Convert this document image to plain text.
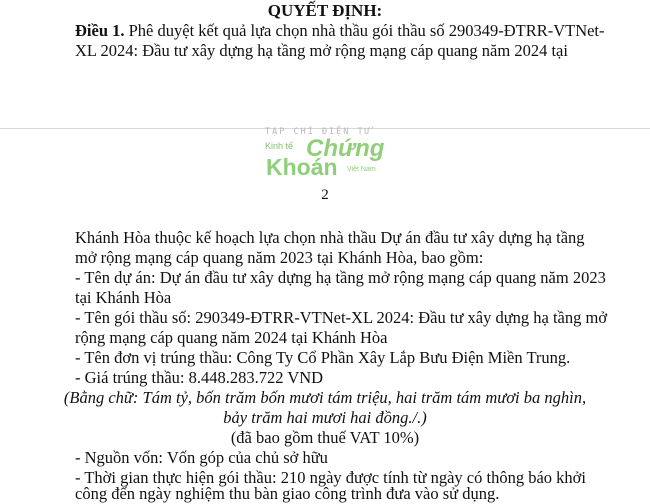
QUYẾT ĐỊNH:
Điều 1. Phê duyệt kết quả lựa chọn nhà thầu gói thầu số 290349-ĐTRR-VTNet-
XL 2024: Đầu tư xây dựng hạ tầng mở rộng mạng cáp quang năm 2024 tại
TẠP CHÍ ĐIỆN TỬ
Kinh tế Chứng
Khoán Việt Nam
2
Khánh Hòa thuộc kế hoạch lựa chọn nhà thầu Dự án đầu tư xây dựng hạ tầng
mở rộng mạng cáp quang năm 2023 tại Khánh Hòa, bao gồm:
- Tên dự án: Dự án đầu tư xây dựng hạ tầng mở rộng mạng cáp quang năm 2023
tại Khánh Hòa
- Tên gói thầu số: 290349-ĐTRR-VTNet-XL 2024: Đầu tư xây dựng hạ tầng mở
rộng mạng cáp quang năm 2024 tại Khánh Hòa
- Tên đơn vị trúng thầu: Công Ty Cổ Phần Xây Lắp Bưu Điện Miền Trung.
- Giá trúng thầu: 8.448.283.722 VND
(Bằng chữ: Tám tỷ, bốn trăm bốn mươi tám triệu, hai trăm tám mươi ba nghìn,
bảy trăm hai mươi hai đồng./.)
(đã bao gồm thuế VAT 10%)
- Nguồn vốn: Vốn góp của chủ sở hữu
- Thời gian thực hiện gói thầu: 210 ngày được tính từ ngày có thông báo khởi
công đến ngày nghiệm thu bàn giao công trình đưa vào sử dụng.
